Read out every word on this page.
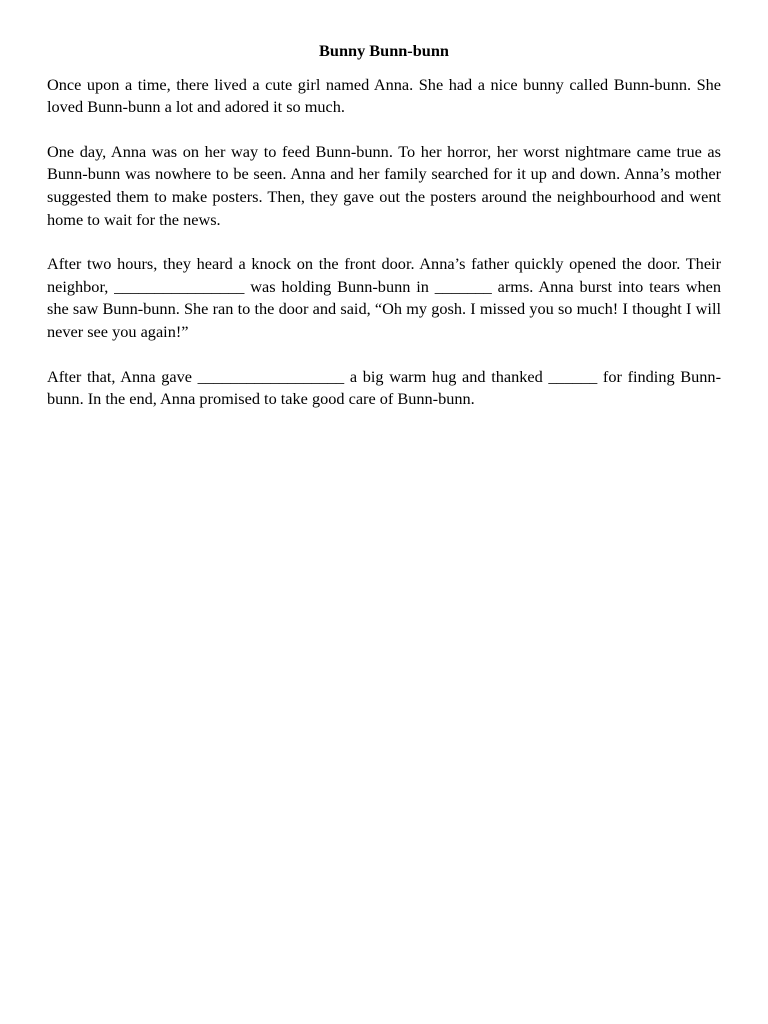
Bunny Bunn-bunn

Once upon a time, there lived a cute girl named Anna. She had a nice bunny called Bunn-bunn. She loved Bunn-bunn a lot and adored it so much.

One day, Anna was on her way to feed Bunn-bunn. To her horror, her worst nightmare came true as Bunn-bunn was nowhere to be seen. Anna and her family searched for it up and down. Anna’s mother suggested them to make posters. Then, they gave out the posters around the neighbourhood and went home to wait for the news.

After two hours, they heard a knock on the front door. Anna’s father quickly opened the door. Their neighbor, ________________ was holding Bunn-bunn in _______ arms. Anna burst into tears when she saw Bunn-bunn. She ran to the door and said, “Oh my gosh. I missed you so much! I thought I will never see you again!”

After that, Anna gave __________________ a big warm hug and thanked ______ for finding Bunn-bunn. In the end, Anna promised to take good care of Bunn-bunn.
